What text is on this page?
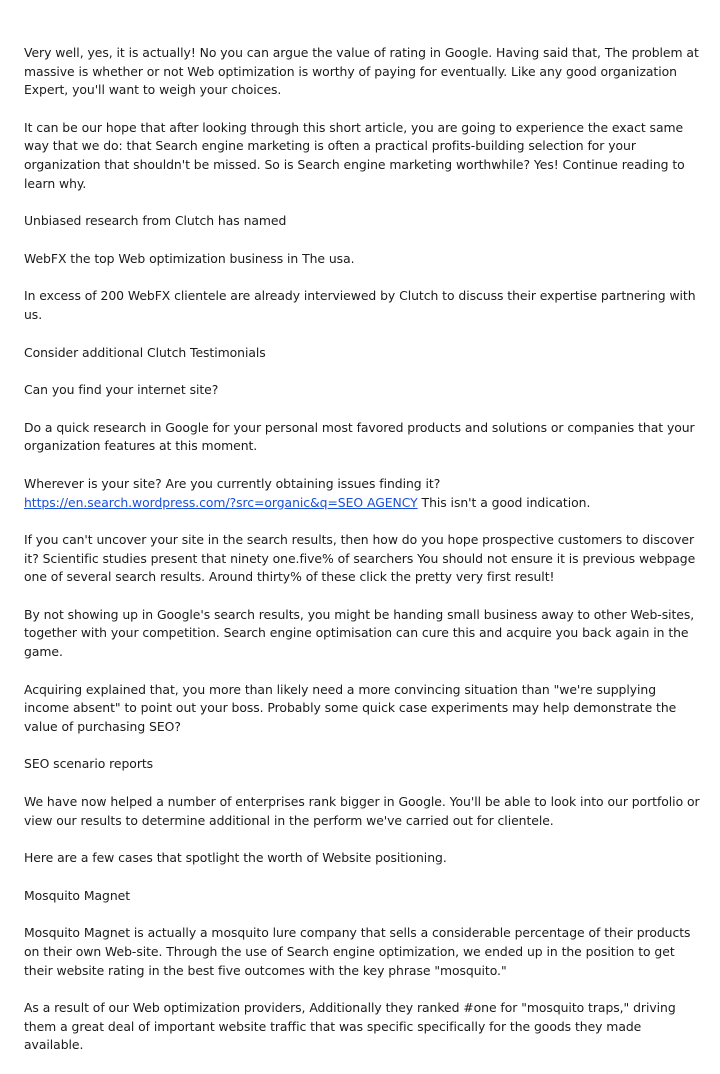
Very well, yes, it is actually! No you can argue the value of rating in Google. Having said that, The problem at massive is whether or not Web optimization is worthy of paying for eventually. Like any good organization Expert, you'll want to weigh your choices.

It can be our hope that after looking through this short article, you are going to experience the exact same way that we do: that Search engine marketing is often a practical profits-building selection for your organization that shouldn't be missed. So is Search engine marketing worthwhile? Yes! Continue reading to learn why.

Unbiased research from Clutch has named

WebFX the top Web optimization business in The usa.

In excess of 200 WebFX clientele are already interviewed by Clutch to discuss their expertise partnering with us.

Consider additional Clutch Testimonials

Can you find your internet site?

Do a quick research in Google for your personal most favored products and solutions or companies that your organization features at this moment.

Wherever is your site? Are you currently obtaining issues finding it?
https://en.search.wordpress.com/?src=organic&q=SEO AGENCY This isn't a good indication.

If you can't uncover your site in the search results, then how do you hope prospective customers to discover it? Scientific studies present that ninety one.five% of searchers You should not ensure it is previous webpage one of several search results. Around thirty% of these click the pretty very first result!

By not showing up in Google's search results, you might be handing small business away to other Web-sites, together with your competition. Search engine optimisation can cure this and acquire you back again in the game.

Acquiring explained that, you more than likely need a more convincing situation than "we're supplying income absent" to point out your boss. Probably some quick case experiments may help demonstrate the value of purchasing SEO?

SEO scenario reports

We have now helped a number of enterprises rank bigger in Google. You'll be able to look into our portfolio or view our results to determine additional in the perform we've carried out for clientele.

Here are a few cases that spotlight the worth of Website positioning.

Mosquito Magnet

Mosquito Magnet is actually a mosquito lure company that sells a considerable percentage of their products on their own Web-site. Through the use of Search engine optimization, we ended up in the position to get their website rating in the best five outcomes with the key phrase "mosquito."

As a result of our Web optimization providers, Additionally they ranked #one for "mosquito traps," driving them a great deal of important website traffic that was specific specifically for the goods they made available.
